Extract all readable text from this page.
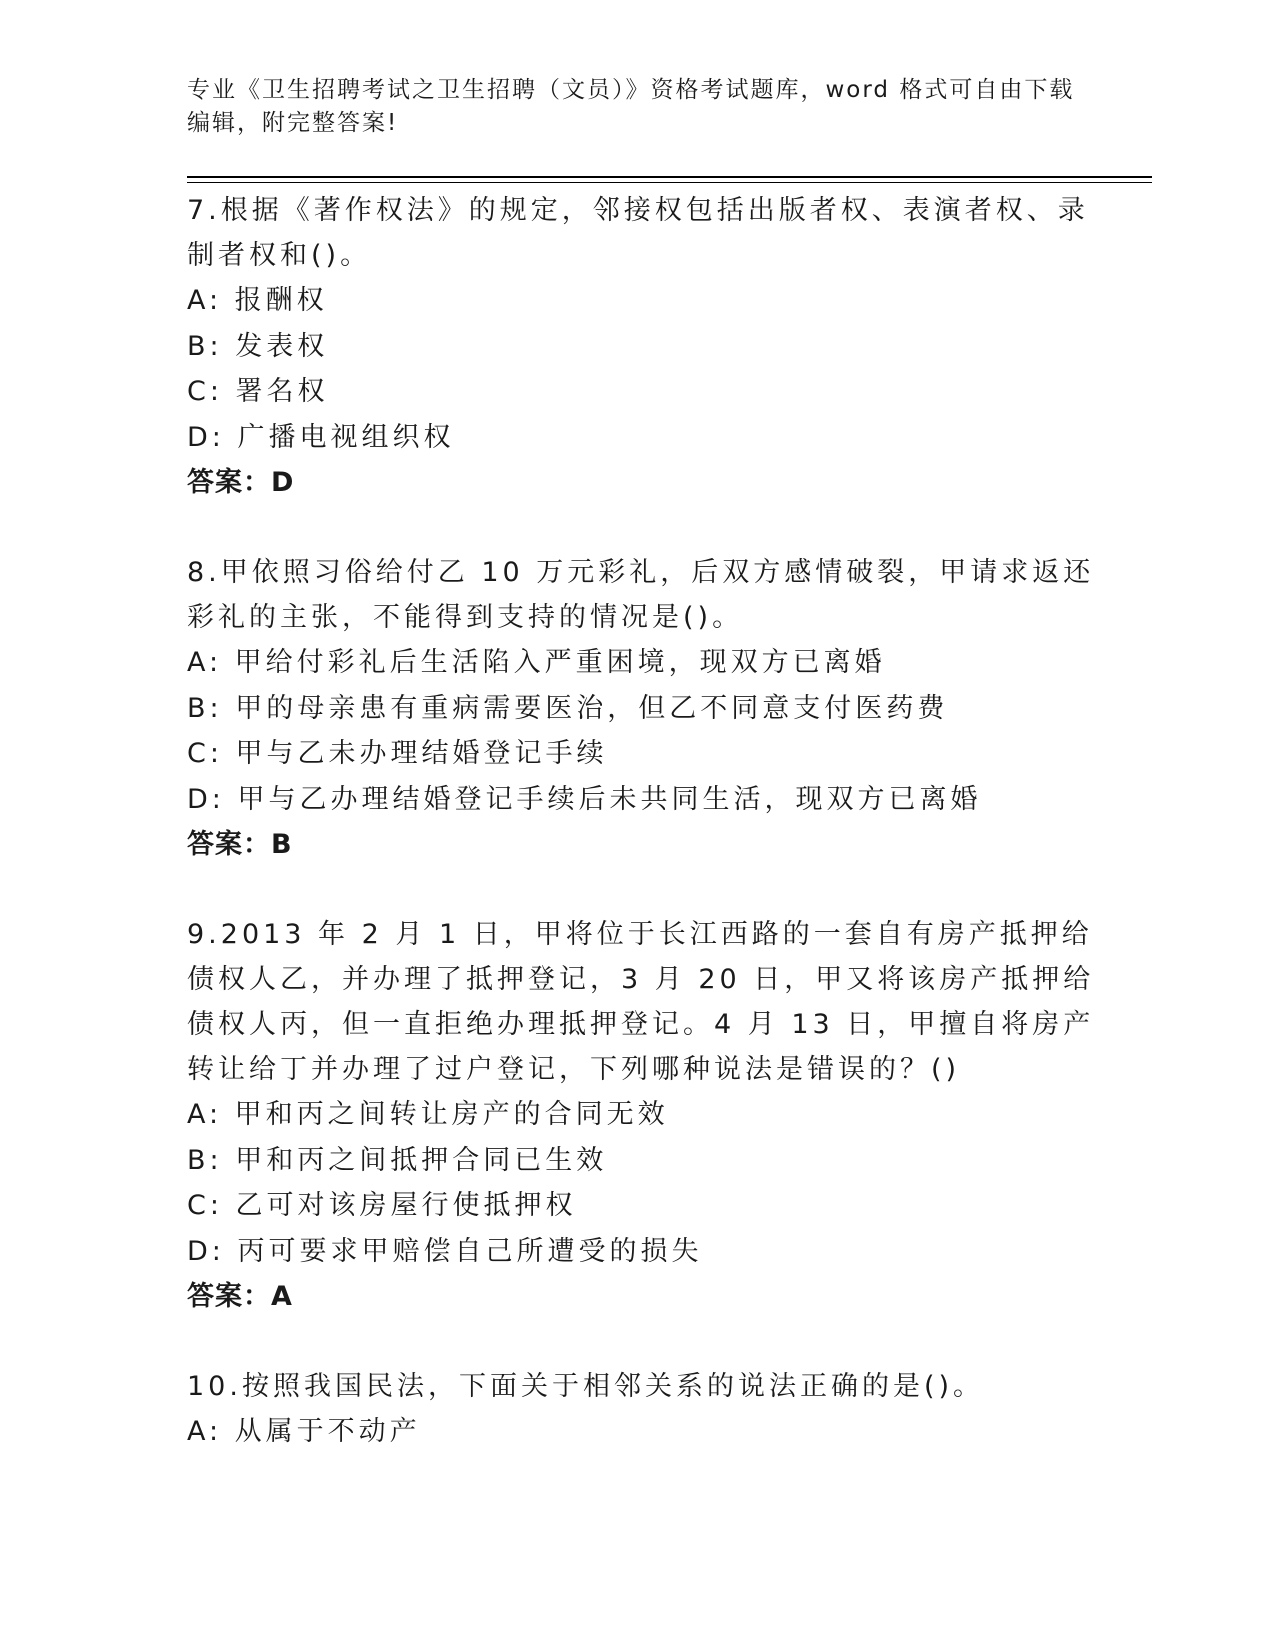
专业《卫生招聘考试之卫生招聘（文员）》资格考试题库，word 格式可自由下载编辑，附完整答案!
7.根据《著作权法》的规定，邻接权包括出版者权、表演者权、录制者权和()。
A: 报酬权
B: 发表权
C: 署名权
D: 广播电视组织权
答案：D
8.甲依照习俗给付乙 10 万元彩礼，后双方感情破裂，甲请求返还彩礼的主张，不能得到支持的情况是()。
A: 甲给付彩礼后生活陷入严重困境，现双方已离婚
B: 甲的母亲患有重病需要医治，但乙不同意支付医药费
C: 甲与乙未办理结婚登记手续
D: 甲与乙办理结婚登记手续后未共同生活，现双方已离婚
答案：B
9.2013 年 2 月 1 日，甲将位于长江西路的一套自有房产抵押给债权人乙，并办理了抵押登记，3 月 20 日，甲又将该房产抵押给债权人丙，但一直拒绝办理抵押登记。4 月 13 日，甲擅自将房产转让给丁并办理了过户登记，下列哪种说法是错误的？()
A: 甲和丙之间转让房产的合同无效
B: 甲和丙之间抵押合同已生效
C: 乙可对该房屋行使抵押权
D: 丙可要求甲赔偿自己所遭受的损失
答案：A
10.按照我国民法，下面关于相邻关系的说法正确的是()。
A: 从属于不动产
